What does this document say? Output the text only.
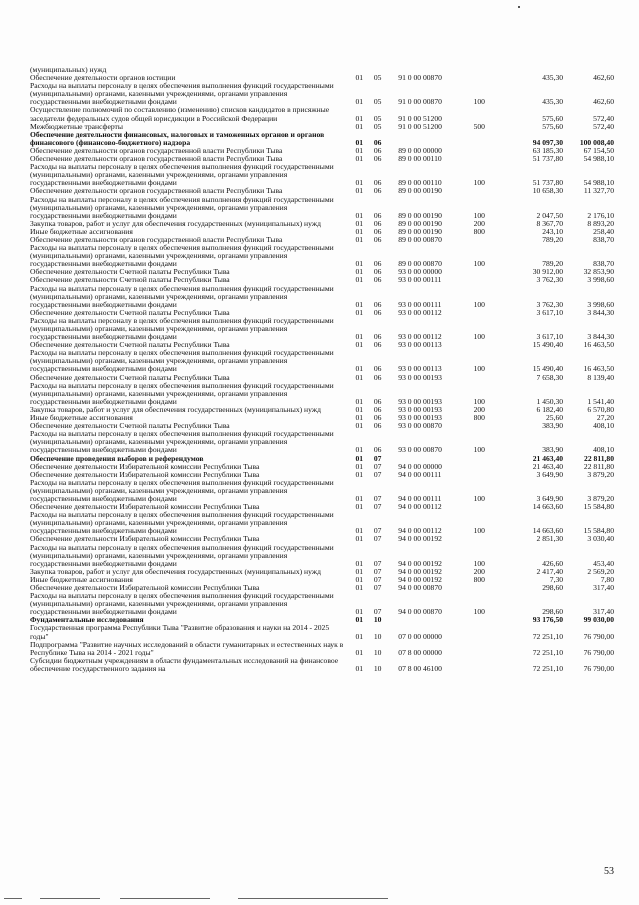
(муниципальных) нужд						
Обеспечение деятельности органов юстиции	01	05	91 0 00 00870		435,30	462,60
Расходы на выплаты персоналу в целях обеспечения выполнения функций государственными (муниципальными) органами, казенными учреждениями, органами управления государственными внебюджетными фондами	01	05	91 0 00 00870	100	435,30	462,60
Осуществление полномочий по составлению (изменению) списков кандидатов в присяжные заседатели федеральных судов общей юрисдикции в Российской Федерации	01	05	91 0 00 51200		575,60	572,40
Межбюджетные трансферты	01	05	91 0 00 51200	500	575,60	572,40
Обеспечение деятельности финансовых, налоговых и таможенных органов и органов финансового (финансово-бюджетного) надзора	01	06			94 097,30	100 008,40
Обеспечение деятельности органов государственной власти Республики Тыва	01	06	89 0 00 00000		63 185,30	67 154,50
Обеспечение деятельности органов государственной власти Республики Тыва	01	06	89 0 00 00110		51 737,80	54 988,10
Расходы на выплаты персоналу в целях обеспечения выполнения функций государственными (муниципальными) органами, казенными учреждениями, органами управления государственными внебюджетными фондами	01	06	89 0 00 00110	100	51 737,80	54 988,10
Обеспечение деятельности органов государственной власти Республики Тыва	01	06	89 0 00 00190		10 658,30	11 327,70
Расходы на выплаты персоналу в целях обеспечения выполнения функций государственными (муниципальными) органами, казенными учреждениями, органами управления государственными внебюджетными фондами	01	06	89 0 00 00190	100	2 047,50	2 176,10
Закупка товаров, работ и услуг для обеспечения государственных (муниципальных) нужд	01	06	89 0 00 00190	200	8 367,70	8 893,20
Иные бюджетные ассигнования	01	06	89 0 00 00190	800	243,10	258,40
Обеспечение деятельности органов государственной власти Республики Тыва	01	06	89 0 00 00870		789,20	838,70
Расходы на выплаты персоналу в целях обеспечения выполнения функций государственными (муниципальными) органами, казенными учреждениями, органами управления государственными внебюджетными фондами	01	06	89 0 00 00870	100	789,20	838,70
Обеспечение деятельности Счетной палаты Республики Тыва	01	06	93 0 00 00000		30 912,00	32 853,90
Обеспечение деятельности Счетной палаты Республики Тыва	01	06	93 0 00 00111		3 762,30	3 998,60
Расходы на выплаты персоналу в целях обеспечения выполнения функций государственными (муниципальными) органами, казенными учреждениями, органами управления государственными внебюджетными фондами	01	06	93 0 00 00111	100	3 762,30	3 998,60
Обеспечение деятельности Счетной палаты Республики Тыва	01	06	93 0 00 00112		3 617,10	3 844,30
Расходы на выплаты персоналу в целях обеспечения выполнения функций государственными (муниципальными) органами, казенными учреждениями, органами управления государственными внебюджетными фондами	01	06	93 0 00 00112	100	3 617,10	3 844,30
Обеспечение деятельности Счетной палаты Республики Тыва	01	06	93 0 00 00113		15 490,40	16 463,50
Расходы на выплаты персоналу в целях обеспечения выполнения функций государственными (муниципальными) органами, казенными учреждениями, органами управления государственными внебюджетными фондами	01	06	93 0 00 00113	100	15 490,40	16 463,50
Обеспечение деятельности Счетной палаты Республики Тыва	01	06	93 0 00 00193		7 658,30	8 139,40
Расходы на выплаты персоналу в целях обеспечения выполнения функций государственными (муниципальными) органами, казенными учреждениями, органами управления государственными внебюджетными фондами	01	06	93 0 00 00193	100	1 450,30	1 541,40
Закупка товаров, работ и услуг для обеспечения государственных (муниципальных) нужд	01	06	93 0 00 00193	200	6 182,40	6 570,80
Иные бюджетные ассигнования	01	06	93 0 00 00193	800	25,60	27,20
Обеспечение деятельности Счетной палаты Республики Тыва	01	06	93 0 00 00870		383,90	408,10
Расходы на выплаты персоналу в целях обеспечения выполнения функций государственными (муниципальными) органами, казенными учреждениями, органами управления государственными внебюджетными фондами	01	06	93 0 00 00870	100	383,90	408,10
Обеспечение проведения выборов и референдумов	01	07			21 463,40	22 811,80
Обеспечение деятельности Избирательной комиссии Республики Тыва	01	07	94 0 00 00000		21 463,40	22 811,80
Обеспечение деятельности Избирательной комиссии Республики Тыва	01	07	94 0 00 00111		3 649,90	3 879,20
Расходы на выплаты персоналу в целях обеспечения выполнения функций государственными (муниципальными) органами, казенными учреждениями, органами управления государственными внебюджетными фондами	01	07	94 0 00 00111	100	3 649,90	3 879,20
Обеспечение деятельности Избирательной комиссии Республики Тыва	01	07	94 0 00 00112		14 663,60	15 584,80
Расходы на выплаты персоналу в целях обеспечения выполнения функций государственными (муниципальными) органами, казенными учреждениями, органами управления государственными внебюджетными фондами	01	07	94 0 00 00112	100	14 663,60	15 584,80
Обеспечение деятельности Избирательной комиссии Республики Тыва	01	07	94 0 00 00192		2 851,30	3 030,40
Расходы на выплаты персоналу в целях обеспечения выполнения функций государственными (муниципальными) органами, казенными учреждениями, органами управления государственными внебюджетными фондами	01	07	94 0 00 00192	100	426,60	453,40
Закупка товаров, работ и услуг для обеспечения государственных (муниципальных) нужд	01	07	94 0 00 00192	200	2 417,40	2 569,20
Иные бюджетные ассигнования	01	07	94 0 00 00192	800	7,30	7,80
Обеспечение деятельности Избирательной комиссии Республики Тыва	01	07	94 0 00 00870		298,60	317,40
Расходы на выплаты персоналу в целях обеспечения выполнения функций государственными (муниципальными) органами, казенными учреждениями, органами управления государственными внебюджетными фондами	01	07	94 0 00 00870	100	298,60	317,40
Фундаментальные исследования	01	10			93 176,50	99 030,00
Государственная программа Республики Тыва "Развитие образования и науки на 2014 - 2025 годы"	01	10	07 0 00 00000		72 251,10	76 790,00
Подпрограмма "Развитие научных исследований в области гуманитарных и естественных наук в Республике Тыва на 2014 - 2021 годы"	01	10	07 8 00 00000		72 251,10	76 790,00
Субсидии бюджетным учреждениям в области фундаментальных исследований на финансовое обеспечение государственного задания на	01	10	07 8 00 46100		72 251,10	76 790,00
53
